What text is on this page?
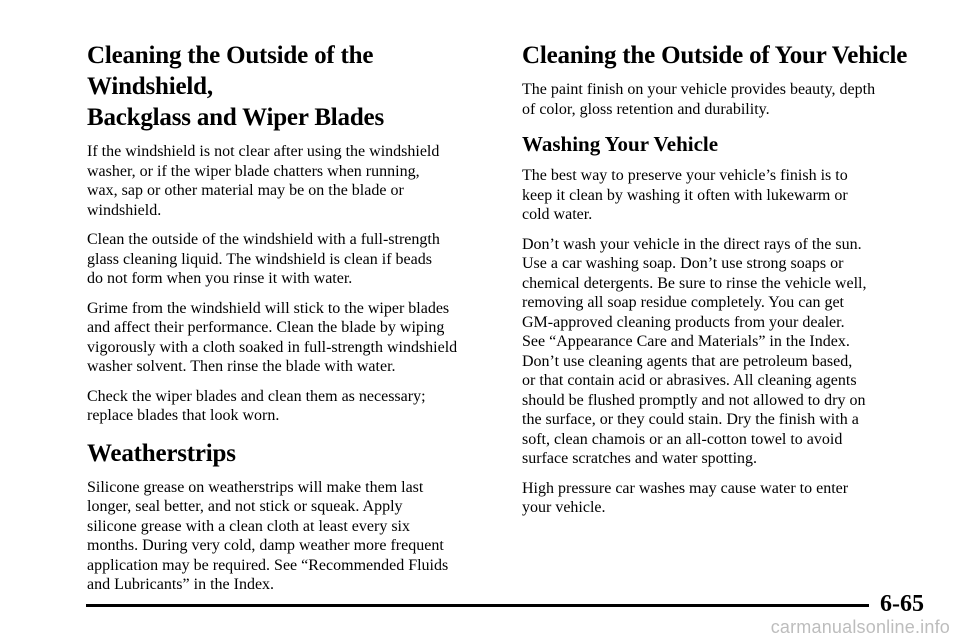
Cleaning the Outside of the Windshield,
Backglass and Wiper Blades

If the windshield is not clear after using the windshield
washer, or if the wiper blade chatters when running,
wax, sap or other material may be on the blade or
windshield.

Clean the outside of the windshield with a full-strength
glass cleaning liquid. The windshield is clean if beads
do not form when you rinse it with water.

Grime from the windshield will stick to the wiper blades
and affect their performance. Clean the blade by wiping
vigorously with a cloth soaked in full-strength windshield
washer solvent. Then rinse the blade with water.

Check the wiper blades and clean them as necessary;
replace blades that look worn.

Weatherstrips

Silicone grease on weatherstrips will make them last
longer, seal better, and not stick or squeak. Apply
silicone grease with a clean cloth at least every six
months. During very cold, damp weather more frequent
application may be required. See “Recommended Fluids
and Lubricants” in the Index.

Cleaning the Outside of Your Vehicle

The paint finish on your vehicle provides beauty, depth
of color, gloss retention and durability.

Washing Your Vehicle

The best way to preserve your vehicle’s finish is to
keep it clean by washing it often with lukewarm or
cold water.

Don’t wash your vehicle in the direct rays of the sun.
Use a car washing soap. Don’t use strong soaps or
chemical detergents. Be sure to rinse the vehicle well,
removing all soap residue completely. You can get
GM-approved cleaning products from your dealer.
See “Appearance Care and Materials” in the Index.
Don’t use cleaning agents that are petroleum based,
or that contain acid or abrasives. All cleaning agents
should be flushed promptly and not allowed to dry on
the surface, or they could stain. Dry the finish with a
soft, clean chamois or an all-cotton towel to avoid
surface scratches and water spotting.

High pressure car washes may cause water to enter
your vehicle.

6-65
carmanualsonline.info
